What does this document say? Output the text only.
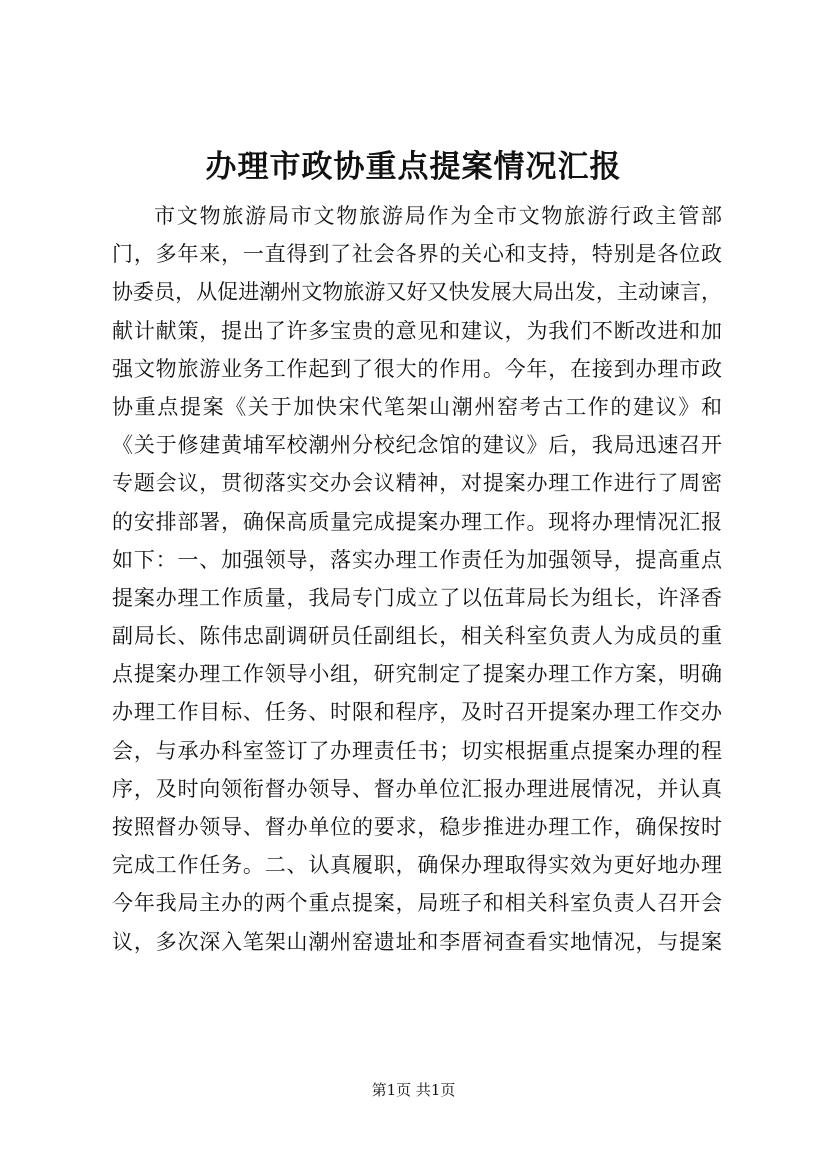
办理市政协重点提案情况汇报
市文物旅游局市文物旅游局作为全市文物旅游行政主管部
门，多年来，一直得到了社会各界的关心和支持，特别是各位政
协委员，从促进潮州文物旅游又好又快发展大局出发，主动谏言，
献计献策，提出了许多宝贵的意见和建议，为我们不断改进和加
强文物旅游业务工作起到了很大的作用。今年，在接到办理市政
协重点提案《关于加快宋代笔架山潮州窑考古工作的建议》和
《关于修建黄埔军校潮州分校纪念馆的建议》后，我局迅速召开
专题会议，贯彻落实交办会议精神，对提案办理工作进行了周密
的安排部署，确保高质量完成提案办理工作。现将办理情况汇报
如下：一、加强领导，落实办理工作责任为加强领导，提高重点
提案办理工作质量，我局专门成立了以伍茸局长为组长，许泽香
副局长、陈伟忠副调研员任副组长，相关科室负责人为成员的重
点提案办理工作领导小组，研究制定了提案办理工作方案，明确
办理工作目标、任务、时限和程序，及时召开提案办理工作交办
会，与承办科室签订了办理责任书；切实根据重点提案办理的程
序，及时向领衔督办领导、督办单位汇报办理进展情况，并认真
按照督办领导、督办单位的要求，稳步推进办理工作，确保按时
完成工作任务。二、认真履职，确保办理取得实效为更好地办理
今年我局主办的两个重点提案，局班子和相关科室负责人召开会
议，多次深入笔架山潮州窑遗址和李厝祠查看实地情况，与提案
第1页 共1页
